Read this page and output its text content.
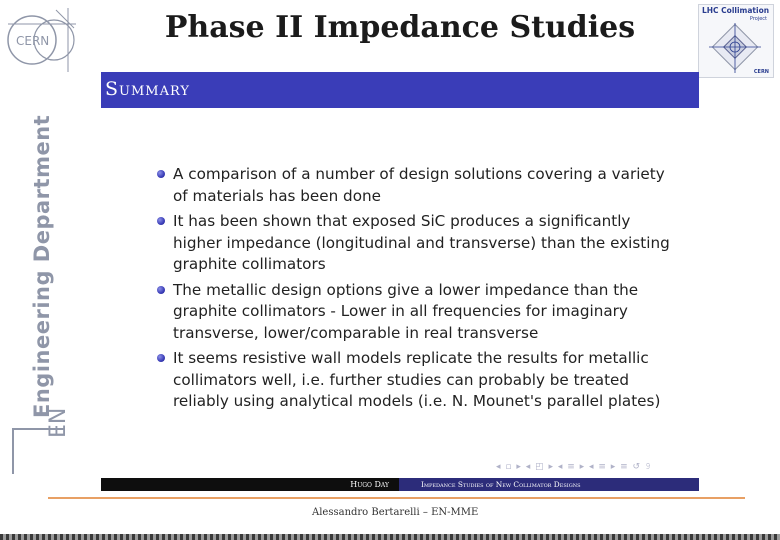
CERN
Engineering Department
EN
Phase II Impedance Studies	LHC Collimation
Project
CERN
Summary
A comparison of a number of design solutions covering a variety of materials has been done
It has been shown that exposed SiC produces a significantly higher impedance (longitudinal and transverse) than the existing graphite collimators
The metallic design options give a lower impedance than the graphite collimators - Lower in all frequencies for imaginary transverse, lower/comparable in real transverse
It seems resistive wall models replicate the results for metallic collimators well, i.e. further studies can probably be treated reliably using analytical models (i.e. N. Mounet's parallel plates)
◂ ▫ ▸ ◂ ◰ ▸ ◂ ≡ ▸ ◂ ≡ ▸ ≡ ↺ 𝟿
Hugo Day	Impedance Studies of New Collimator Designs
Alessandro Bertarelli – EN-MME
